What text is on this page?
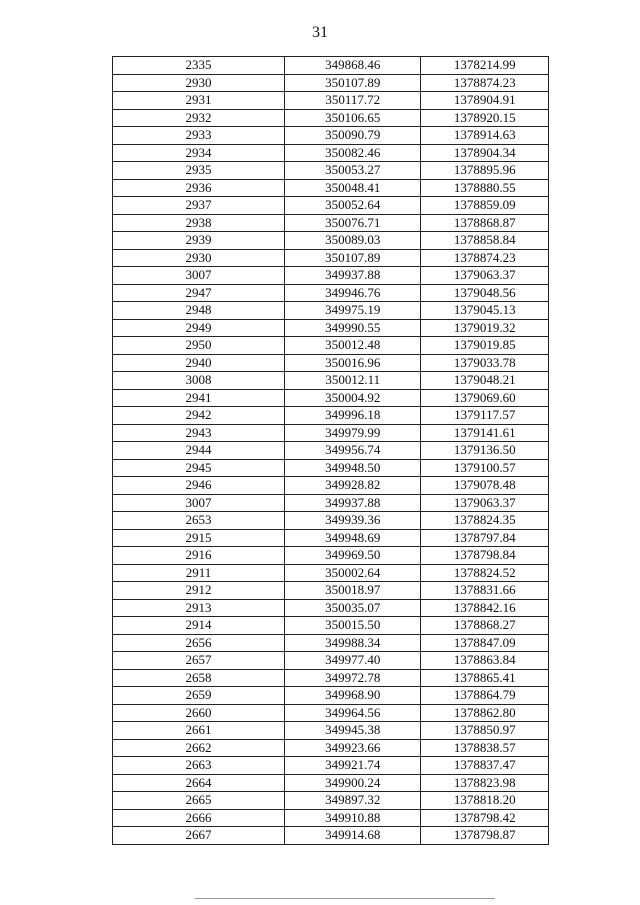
31
2335	349868.46	1378214.99
2930	350107.89	1378874.23
2931	350117.72	1378904.91
2932	350106.65	1378920.15
2933	350090.79	1378914.63
2934	350082.46	1378904.34
2935	350053.27	1378895.96
2936	350048.41	1378880.55
2937	350052.64	1378859.09
2938	350076.71	1378868.87
2939	350089.03	1378858.84
2930	350107.89	1378874.23
3007	349937.88	1379063.37
2947	349946.76	1379048.56
2948	349975.19	1379045.13
2949	349990.55	1379019.32
2950	350012.48	1379019.85
2940	350016.96	1379033.78
3008	350012.11	1379048.21
2941	350004.92	1379069.60
2942	349996.18	1379117.57
2943	349979.99	1379141.61
2944	349956.74	1379136.50
2945	349948.50	1379100.57
2946	349928.82	1379078.48
3007	349937.88	1379063.37
2653	349939.36	1378824.35
2915	349948.69	1378797.84
2916	349969.50	1378798.84
2911	350002.64	1378824.52
2912	350018.97	1378831.66
2913	350035.07	1378842.16
2914	350015.50	1378868.27
2656	349988.34	1378847.09
2657	349977.40	1378863.84
2658	349972.78	1378865.41
2659	349968.90	1378864.79
2660	349964.56	1378862.80
2661	349945.38	1378850.97
2662	349923.66	1378838.57
2663	349921.74	1378837.47
2664	349900.24	1378823.98
2665	349897.32	1378818.20
2666	349910.88	1378798.42
2667	349914.68	1378798.87
